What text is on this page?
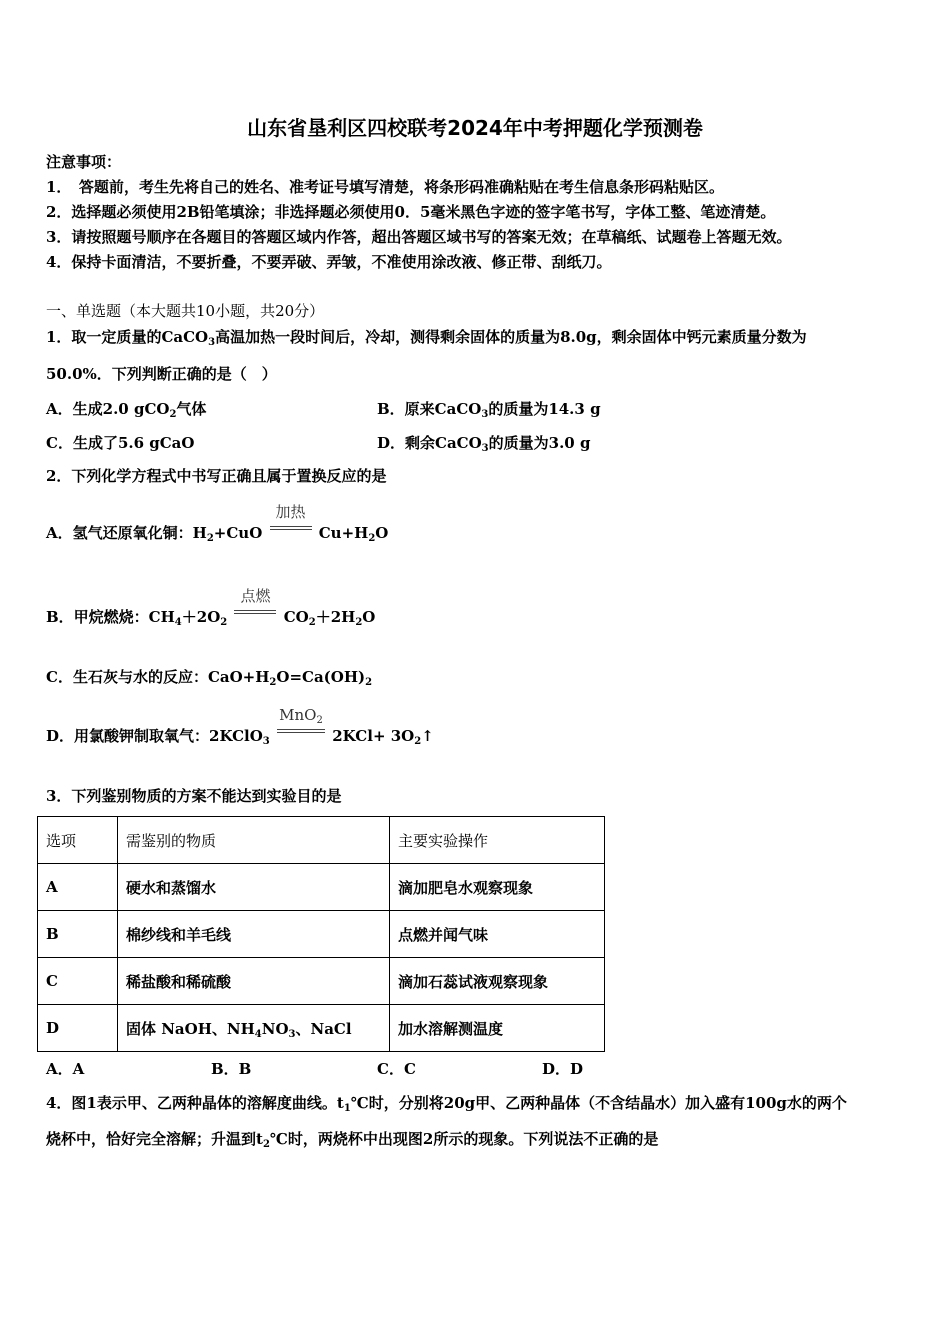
山东省垦利区四校联考2024年中考押题化学预测卷
注意事项：
1．　答题前，考生先将自己的姓名、准考证号填写清楚，将条形码准确粘贴在考生信息条形码粘贴区。
2．选择题必须使用2B铅笔填涂；非选择题必须使用0．5毫米黑色字迹的签字笔书写，字体工整、笔迹清楚。
3．请按照题号顺序在各题目的答题区域内作答，超出答题区域书写的答案无效；在草稿纸、试题卷上答题无效。
4．保持卡面清洁，不要折叠，不要弄破、弄皱，不准使用涂改液、修正带、刮纸刀。
一、单选题（本大题共10小题，共20分）
1．取一定质量的CaCO$_3$高温加热一段时间后，冷却，测得剩余固体的质量为8.0g，剩余固体中钙元素质量分数为
50.0%．下列判断正确的是（　）
A．生成2.0 gCO$_2$气体	B．原来CaCO$_3$的质量为14.3 g
C．生成了5.6 gCaO	D．剩余CaCO$_3$的质量为3.0 g
2．下列化学方程式中书写正确且属于置换反应的是
A．氢气还原氧化铜：$H_2+CuO$
加热
$Cu+H_2O$
B．甲烷燃烧：$CH_4+2O_2$
点燃
$CO_2+2H_2O$
C．生石灰与水的反应：$CaO+H_2O=Ca(OH)_2$
D．用氯酸钾制取氧气：2KClO$_3$
MnO$_2$
$2KCl+ 3O_2↑$
3．下列鉴别物质的方案不能达到实验目的是
选项	需鉴别的物质	主要实验操作
A	硬水和蒸馏水	滴加肥皂水观察现象
B	棉纱线和羊毛线	点燃并闻气味
C	稀盐酸和稀硫酸	滴加石蕊试液观察现象
D	固体 NaOH、$NH_4NO_3$、NaCl	加水溶解测温度
A．A	B．B	C．C	D．D
4．图1表示甲、乙两种晶体的溶解度曲线。$t_1℃$时，分别将20g甲、乙两种晶体（不含结晶水）加入盛有100g水的两个
烧杯中，恰好完全溶解；升温到$t_2℃$时，两烧杯中出现图2所示的现象。下列说法不正确的是
